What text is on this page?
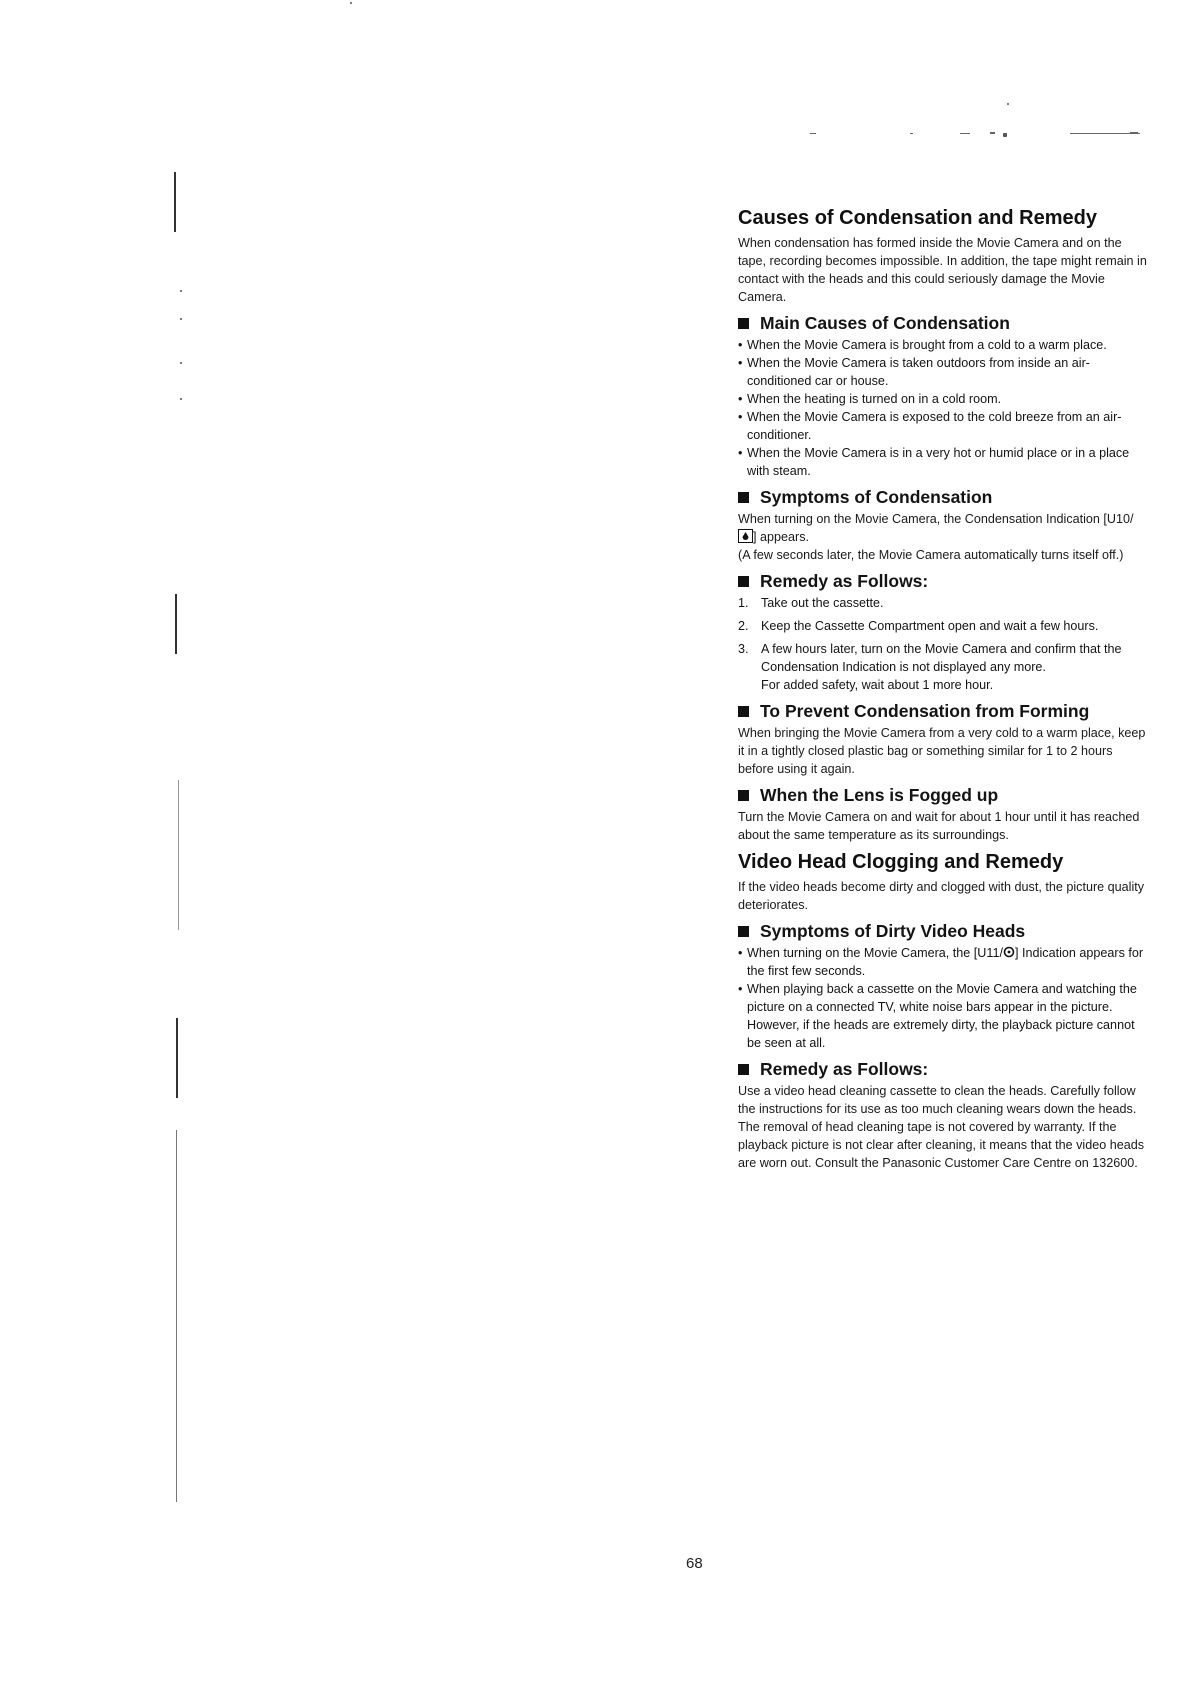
Causes of Condensation and Remedy

When condensation has formed inside the Movie Camera and on the tape, recording becomes impossible. In addition, the tape might remain in contact with the heads and this could seriously damage the Movie Camera.

Main Causes of Condensation
• When the Movie Camera is brought from a cold to a warm place.
• When the Movie Camera is taken outdoors from inside an air-conditioned car or house.
• When the heating is turned on in a cold room.
• When the Movie Camera is exposed to the cold breeze from an air-conditioner.
• When the Movie Camera is in a very hot or humid place or in a place with steam.
Symptoms of Condensation

When turning on the Movie Camera, the Condensation Indication [U10/] appears.

(A few seconds later, the Movie Camera automatically turns itself off.)

Remedy as Follows:
1. Take out the cassette.
2. Keep the Cassette Compartment open and wait a few hours.
3. A few hours later, turn on the Movie Camera and confirm that the Condensation Indication is not displayed any more.
For added safety, wait about 1 more hour.
To Prevent Condensation from Forming

When bringing the Movie Camera from a very cold to a warm place, keep it in a tightly closed plastic bag or something similar for 1 to 2 hours before using it again.

When the Lens is Fogged up

Turn the Movie Camera on and wait for about 1 hour until it has reached about the same temperature as its surroundings.

Video Head Clogging and Remedy

If the video heads become dirty and clogged with dust, the picture quality deteriorates.

Symptoms of Dirty Video Heads
• When turning on the Movie Camera, the [U11/ ] Indication appears for the first few seconds.
• When playing back a cassette on the Movie Camera and watching the picture on a connected TV, white noise bars appear in the picture. However, if the heads are extremely dirty, the playback picture cannot be seen at all.
Remedy as Follows:

Use a video head cleaning cassette to clean the heads. Carefully follow the instructions for its use as too much cleaning wears down the heads. The removal of head cleaning tape is not covered by warranty. If the playback picture is not clear after cleaning, it means that the video heads are worn out. Consult the Panasonic Customer Care Centre on 132600.

68
